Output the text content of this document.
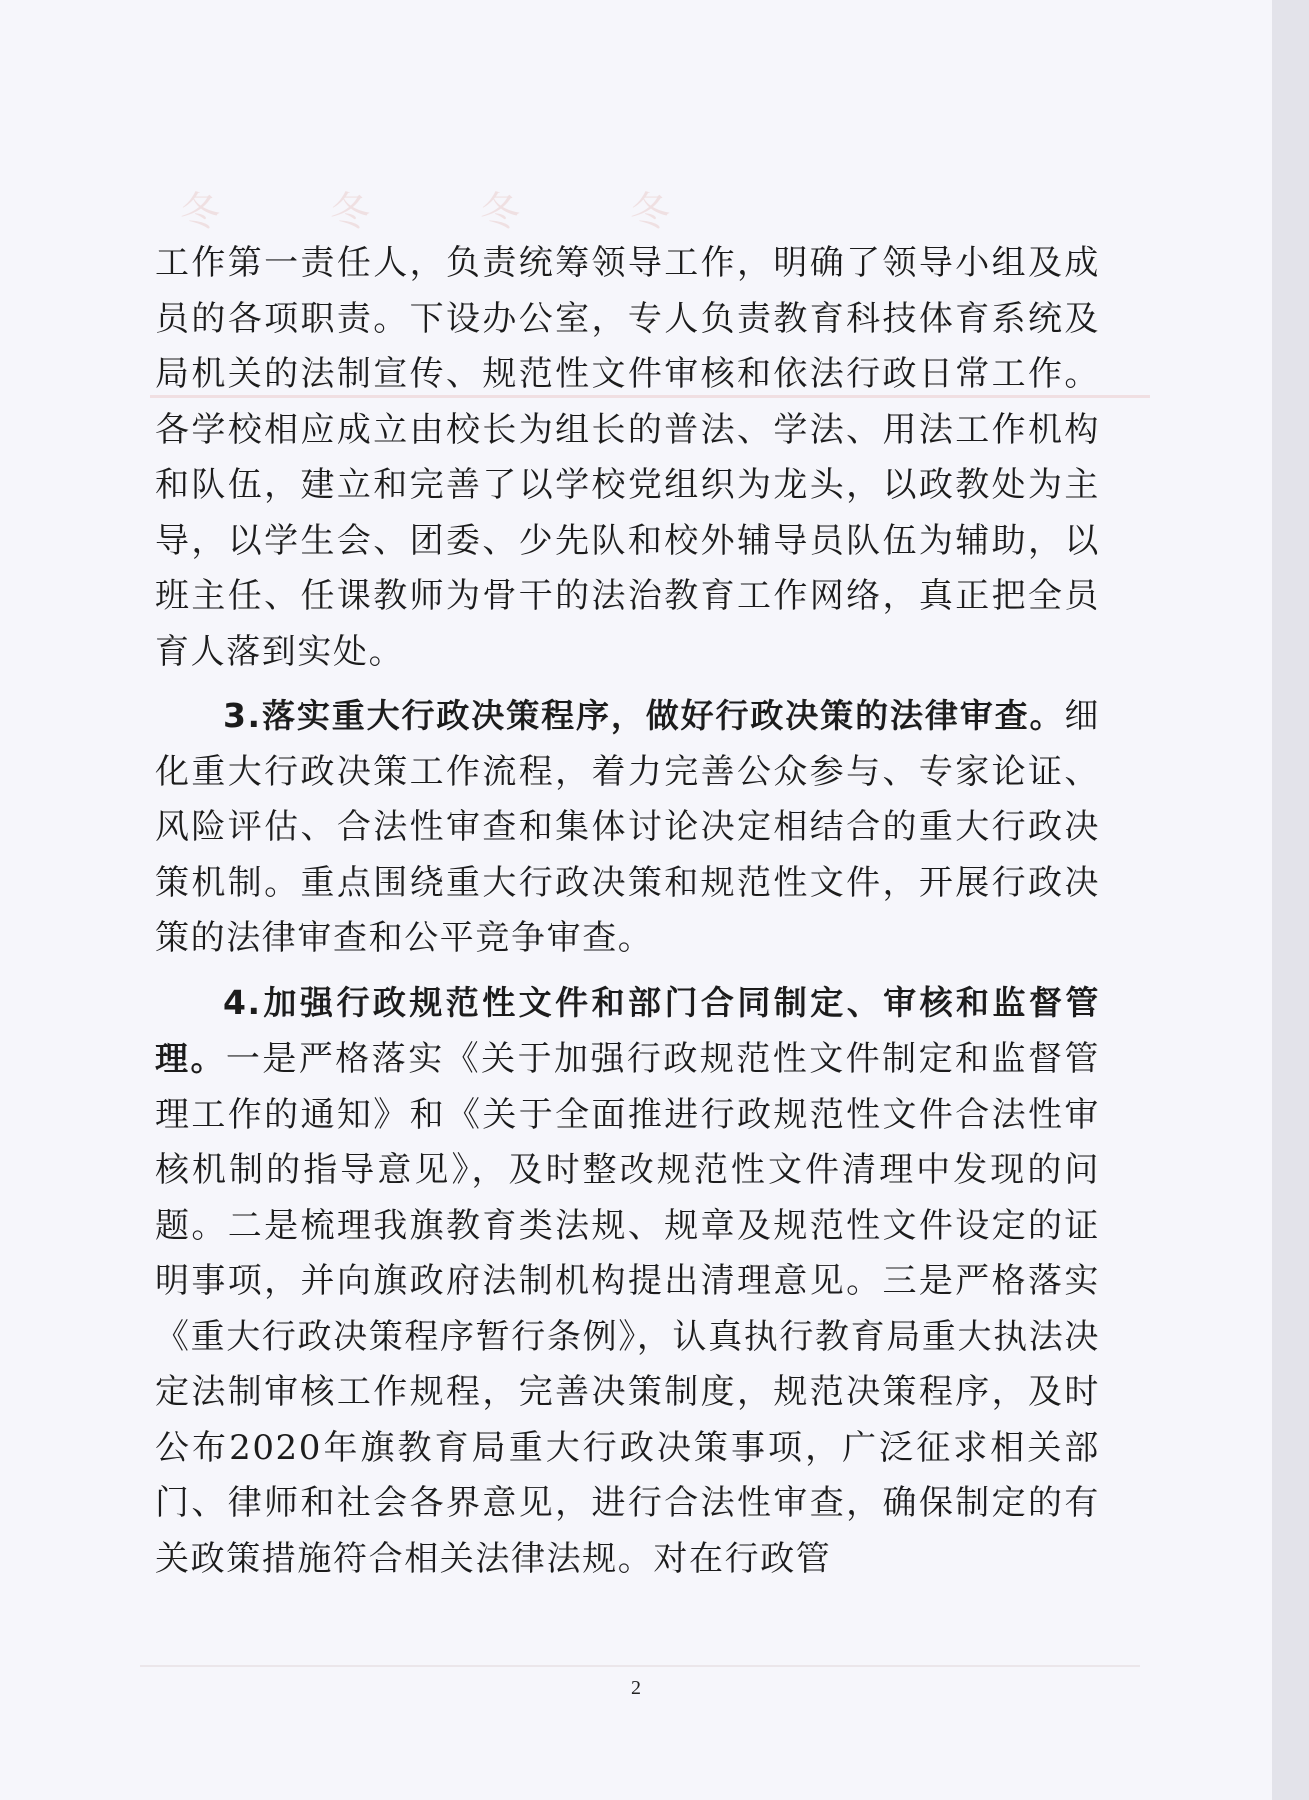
冬冬冬冬

工作第一责任人，负责统筹领导工作，明确了领导小组及成员的各项职责。下设办公室，专人负责教育科技体育系统及局机关的法制宣传、规范性文件审核和依法行政日常工作。各学校相应成立由校长为组长的普法、学法、用法工作机构和队伍，建立和完善了以学校党组织为龙头，以政教处为主导，以学生会、团委、少先队和校外辅导员队伍为辅助，以班主任、任课教师为骨干的法治教育工作网络，真正把全员育人落到实处。

3.落实重大行政决策程序，做好行政决策的法律审查。细化重大行政决策工作流程，着力完善公众参与、专家论证、风险评估、合法性审查和集体讨论决定相结合的重大行政决策机制。重点围绕重大行政决策和规范性文件，开展行政决策的法律审查和公平竞争审查。

4.加强行政规范性文件和部门合同制定、审核和监督管理。一是严格落实《关于加强行政规范性文件制定和监督管理工作的通知》和《关于全面推进行政规范性文件合法性审核机制的指导意见》，及时整改规范性文件清理中发现的问题。二是梳理我旗教育类法规、规章及规范性文件设定的证明事项，并向旗政府法制机构提出清理意见。三是严格落实《重大行政决策程序暂行条例》，认真执行教育局重大执法决定法制审核工作规程，完善决策制度，规范决策程序，及时公布2020年旗教育局重大行政决策事项，广泛征求相关部门、律师和社会各界意见，进行合法性审查，确保制定的有关政策措施符合相关法律法规。对在行政管

2
